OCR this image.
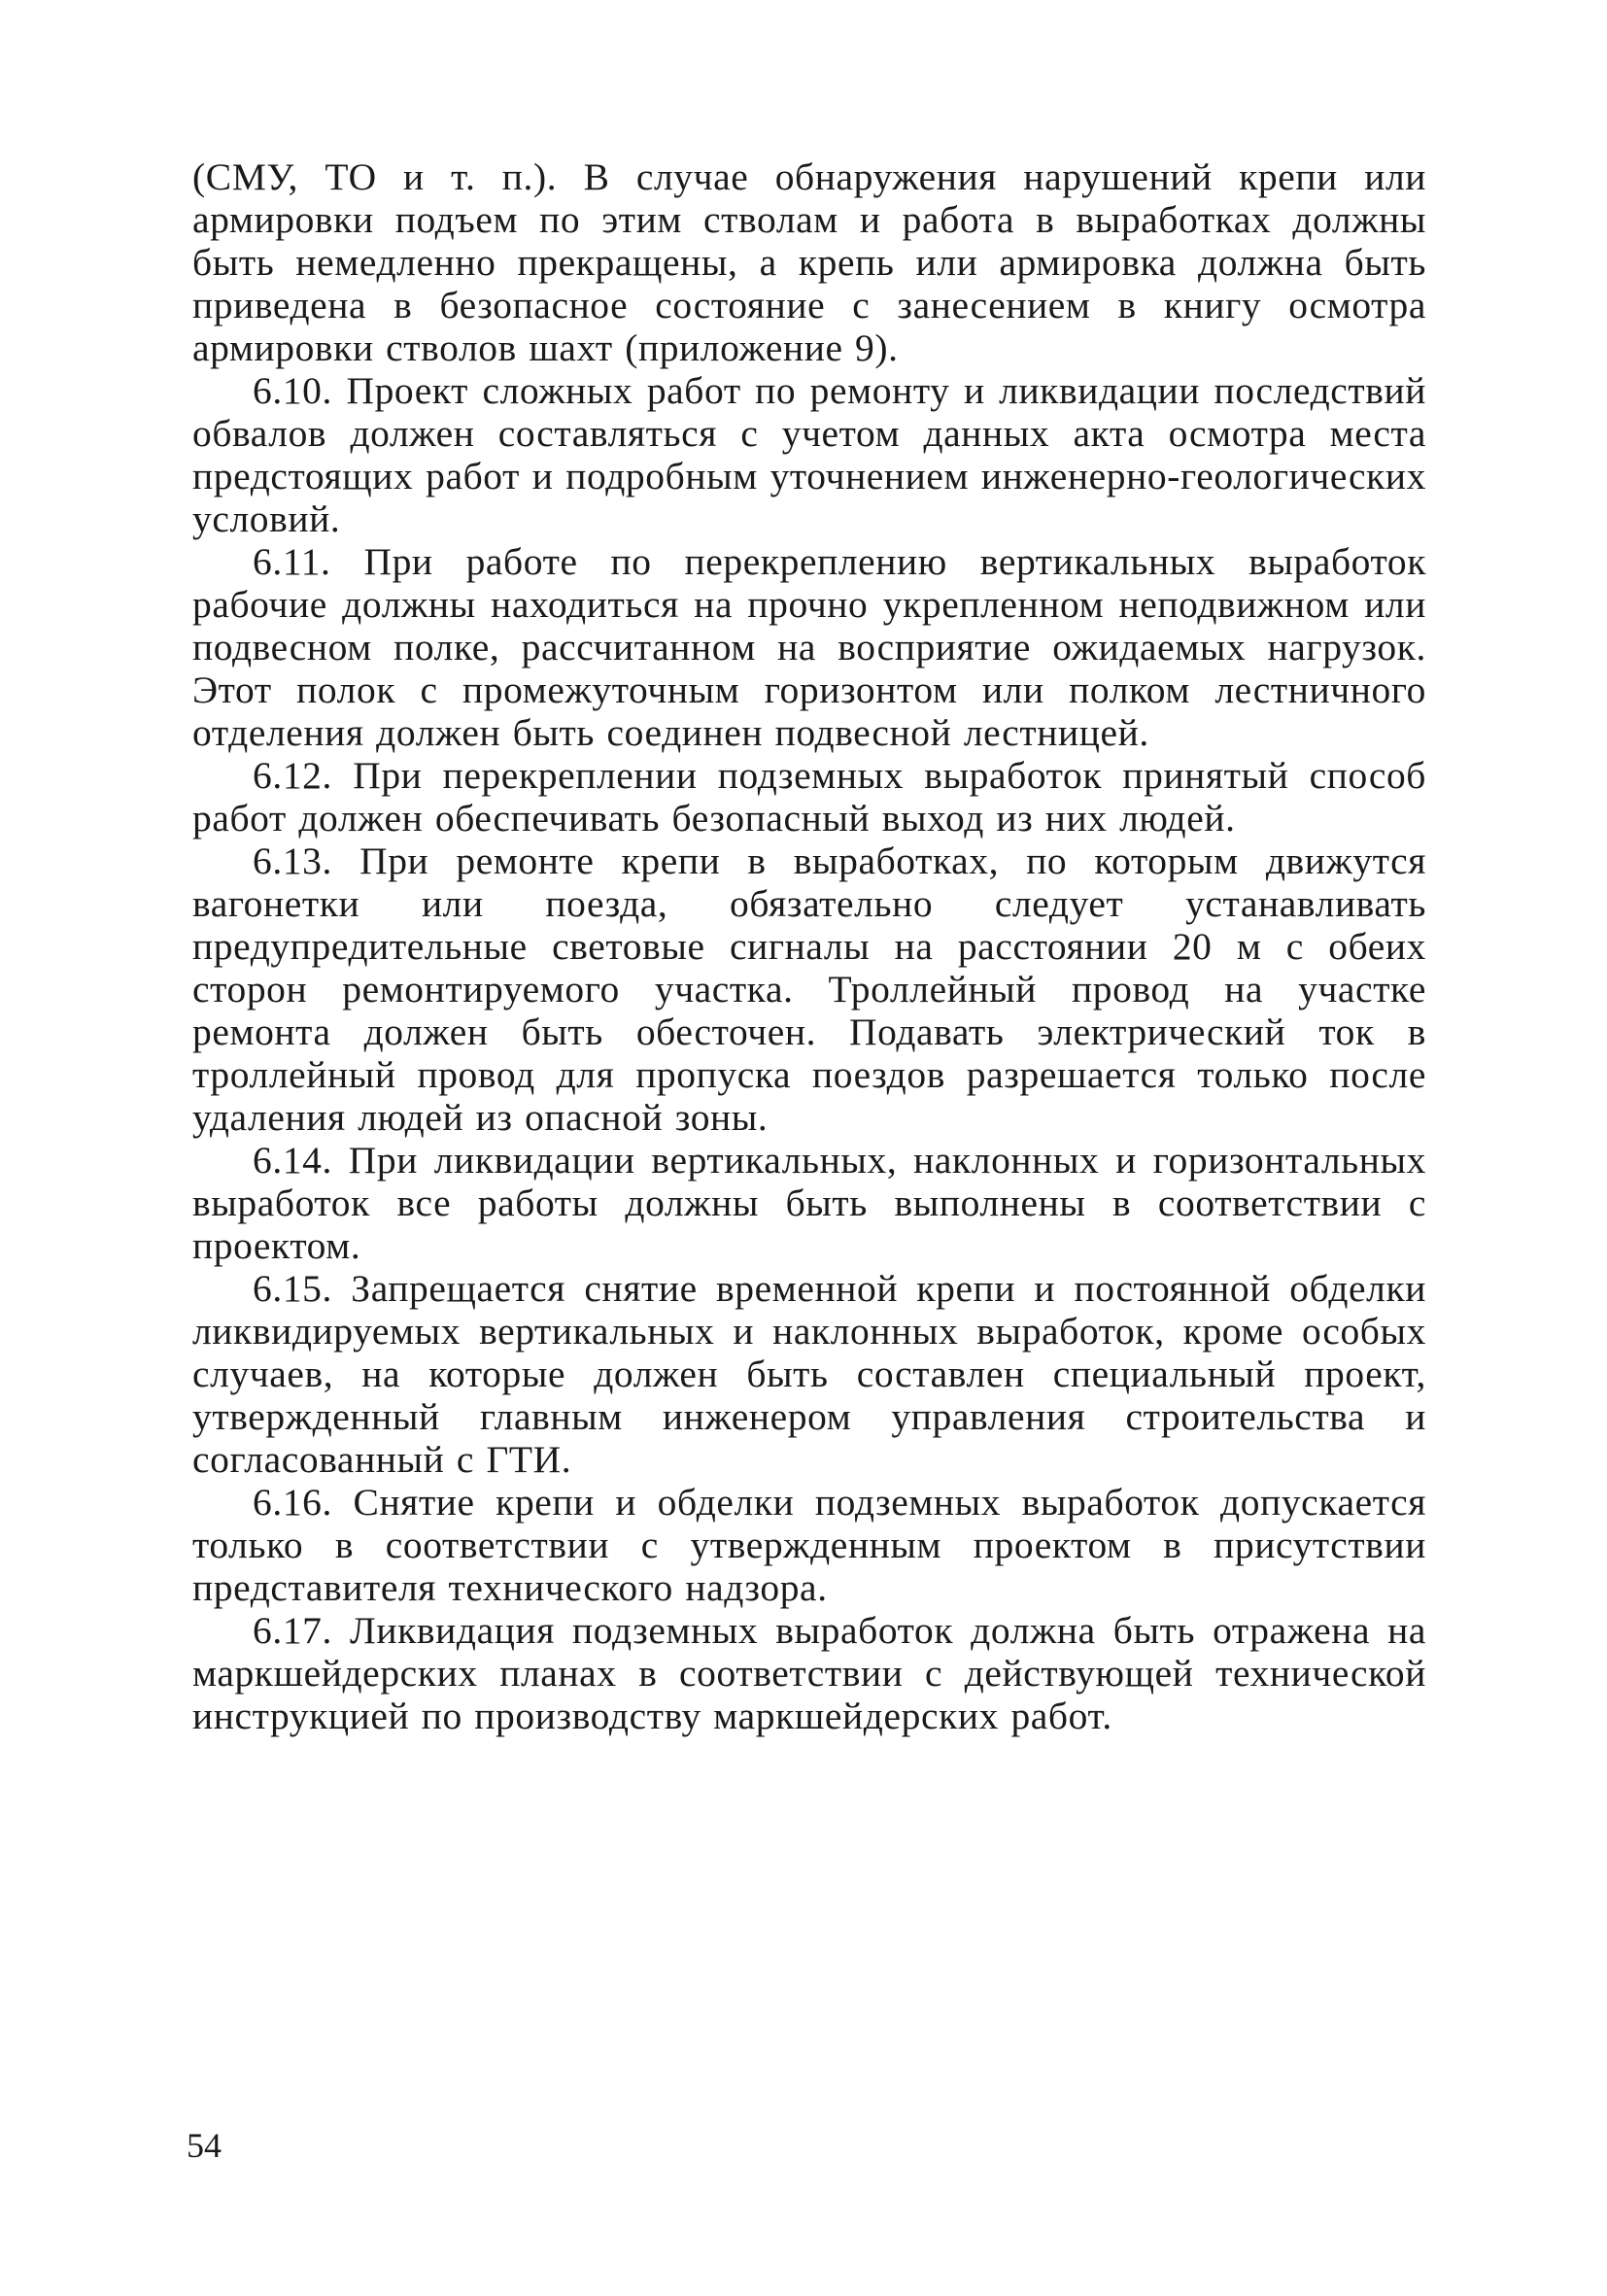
(СМУ, ТО и т. п.). В случае обнаружения нарушений крепи или армировки подъем по этим стволам и работа в выработках должны быть немедленно прекращены, а крепь или армировка должна быть приведена в безопасное состояние с занесением в книгу осмотра армировки стволов шахт (приложение 9).

6.10. Проект сложных работ по ремонту и ликвидации последствий обвалов должен составляться с учетом данных акта осмотра места предстоящих работ и подробным уточнением инженерно-геологических условий.

6.11. При работе по перекреплению вертикальных выработок рабочие должны находиться на прочно укрепленном неподвижном или подвесном полке, рассчитанном на восприятие ожидаемых нагрузок. Этот полок с промежуточным горизонтом или полком лестничного отделения должен быть соединен подвесной лестницей.

6.12. При перекреплении подземных выработок принятый способ работ должен обеспечивать безопасный выход из них людей.

6.13. При ремонте крепи в выработках, по которым движутся вагонетки или поезда, обязательно следует устанавливать предупредительные световые сигналы на расстоянии 20 м с обеих сторон ремонтируемого участка. Троллейный провод на участке ремонта должен быть обесточен. Подавать электрический ток в троллейный провод для пропуска поездов разрешается только после удаления людей из опасной зоны.

6.14. При ликвидации вертикальных, наклонных и горизонтальных выработок все работы должны быть выполнены в соответствии с проектом.

6.15. Запрещается снятие временной крепи и постоянной обделки ликвидируемых вертикальных и наклонных выработок, кроме особых случаев, на которые должен быть составлен специальный проект, утвержденный главным инженером управления строительства и согласованный с ГТИ.

6.16. Снятие крепи и обделки подземных выработок допускается только в соответствии с утвержденным проектом в присутствии представителя технического надзора.

6.17. Ликвидация подземных выработок должна быть отражена на маркшейдерских планах в соответствии с действующей технической инструкцией по производству маркшейдерских работ.

54
